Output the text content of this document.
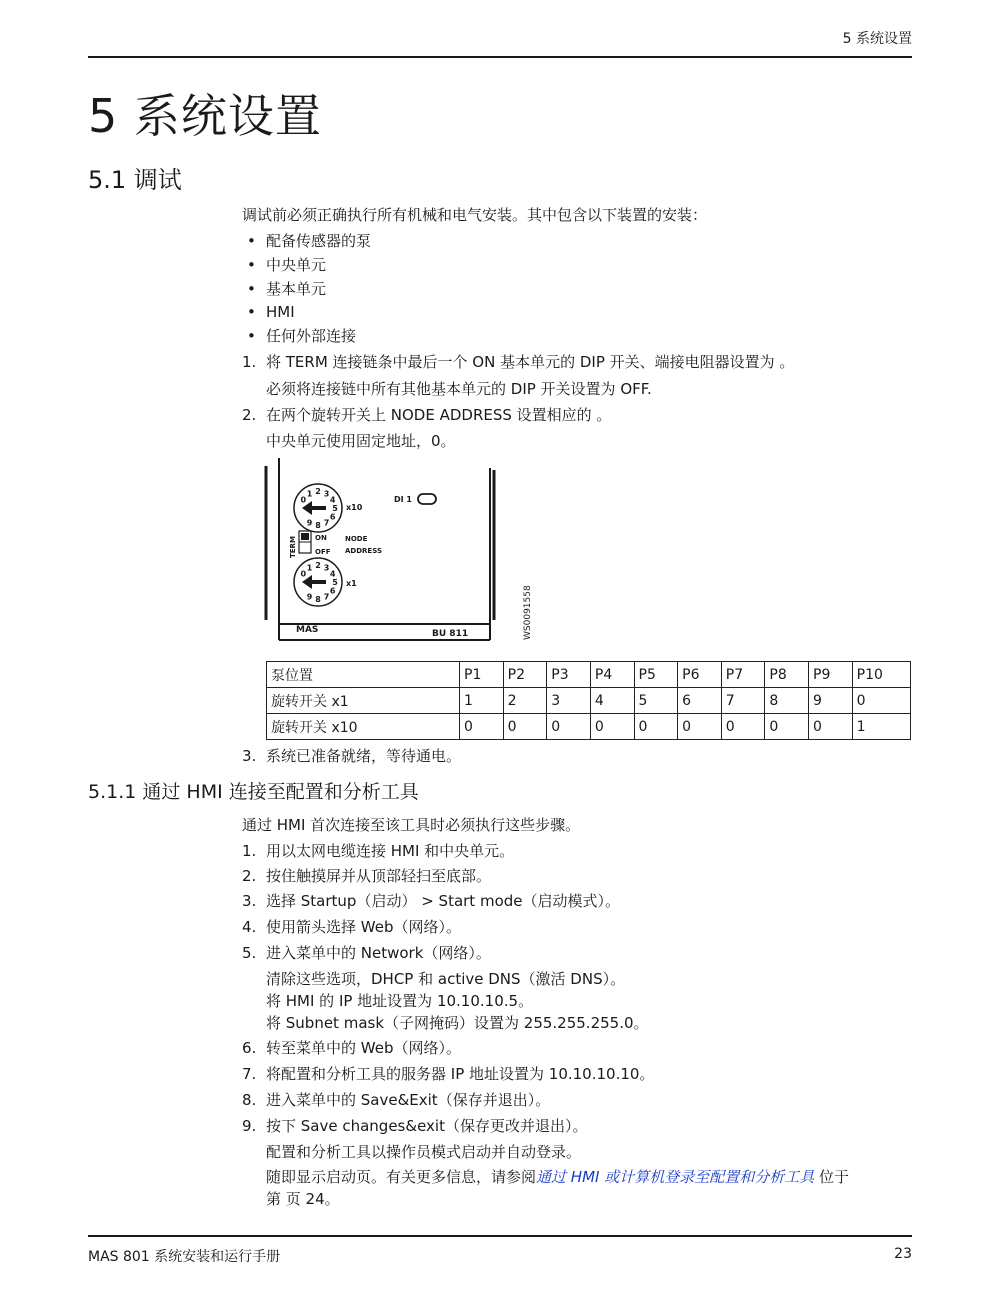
5 系统设置
5 系统设置
5.1 调试
调试前必须正确执行所有机械和电气安装。其中包含以下装置的安装：
• 配备传感器的泵
• 中央单元
• 基本单元
• HMI
• 任何外部连接
1. 将 TERM 连接链条中最后一个 ON 基本单元的 DIP 开关、端接电阻器设置为 。
必须将连接链中所有其他基本单元的 DIP 开关设置为 OFF.
2. 在两个旋转开关上 NODE ADDRESS 设置相应的 。
中央单元使用固定地址，0。
0
1 2 3
4
5
6
7
8
9
0
1 2 3
4
5
6
7
8
9
x10
x1
DI 1
ON
OFF
NODE
ADDRESS
MAS	BU 811
TERM
WS0091558
泵位置	P1	P2	P3	P4	P5	P6	P7	P8	P9	P10
旋转开关 x1	1	2	3	4	5	6	7	8	9	0
旋转开关 x10	0	0	0	0	0	0	0	0	0	1
3. 系统已准备就绪，等待通电。
5.1.1 通过 HMI 连接至配置和分析工具
通过 HMI 首次连接至该工具时必须执行这些步骤。
1. 用以太网电缆连接 HMI 和中央单元。
2. 按住触摸屏并从顶部轻扫至底部。
3. 选择 Startup（启动） > Start mode（启动模式）。
4. 使用箭头选择 Web（网络）。
5. 进入菜单中的 Network（网络）。
清除这些选项，DHCP 和 active DNS（激活 DNS）。
将 HMI 的 IP 地址设置为 10.10.10.5。
将 Subnet mask（子网掩码）设置为 255.255.255.0。
6. 转至菜单中的 Web（网络）。
7. 将配置和分析工具的服务器 IP 地址设置为 10.10.10.10。
8. 进入菜单中的 Save&Exit（保存并退出）。
9. 按下 Save changes&exit（保存更改并退出）。
配置和分析工具以操作员模式启动并自动登录。
随即显示启动页。有关更多信息，请参阅通过 HMI 或计算机登录至配置和分析工具 位于
第 页 24。
MAS 801 系统安装和运行手册	23
